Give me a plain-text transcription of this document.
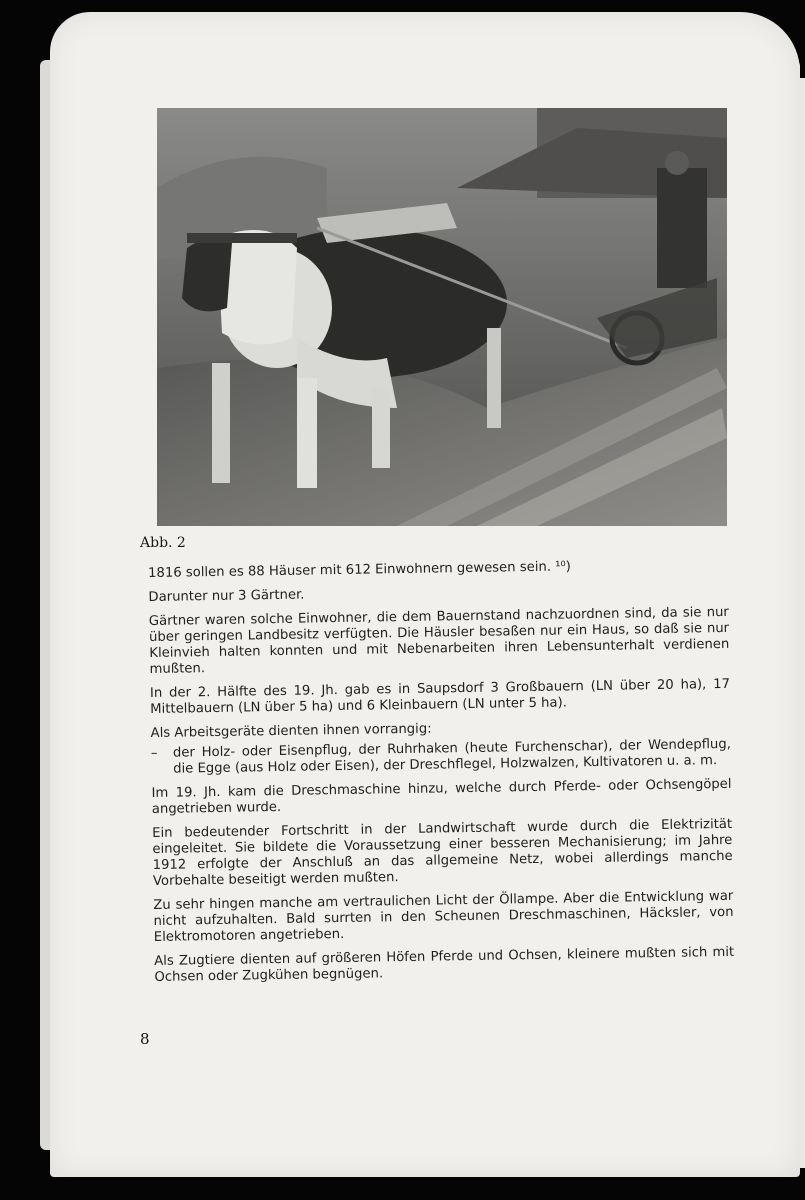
Abb. 2

1816 sollen es 88 Häuser mit 612 Einwohnern gewesen sein. ¹⁰)

Darunter nur 3 Gärtner.

Gärtner waren solche Einwohner, die dem Bauernstand nachzuordnen sind, da sie nur über geringen Landbesitz verfügten. Die Häusler besaßen nur ein Haus, so daß sie nur Kleinvieh halten konnten und mit Nebenarbeiten ihren Lebensunterhalt verdienen mußten.

In der 2. Hälfte des 19. Jh. gab es in Saupsdorf 3 Großbauern (LN über 20 ha), 17 Mittelbauern (LN über 5 ha) und 6 Kleinbauern (LN unter 5 ha).

Als Arbeitsgeräte dienten ihnen vorrangig:

– der Holz- oder Eisenpflug, der Ruhrhaken (heute Furchenschar), der Wendepflug, die Egge (aus Holz oder Eisen), der Dreschflegel, Holzwalzen, Kultivatoren u. a. m.

Im 19. Jh. kam die Dreschmaschine hinzu, welche durch Pferde- oder Ochsengöpel angetrieben wurde.

Ein bedeutender Fortschritt in der Landwirtschaft wurde durch die Elektrizität eingeleitet. Sie bildete die Voraussetzung einer besseren Mechanisierung; im Jahre 1912 erfolgte der Anschluß an das allgemeine Netz, wobei allerdings manche Vorbehalte beseitigt werden mußten.

Zu sehr hingen manche am vertraulichen Licht der Öllampe. Aber die Entwicklung war nicht aufzuhalten. Bald surrten in den Scheunen Dreschmaschinen, Häcksler, von Elektromotoren angetrieben.

Als Zugtiere dienten auf größeren Höfen Pferde und Ochsen, kleinere mußten sich mit Ochsen oder Zugkühen begnügen.

8
